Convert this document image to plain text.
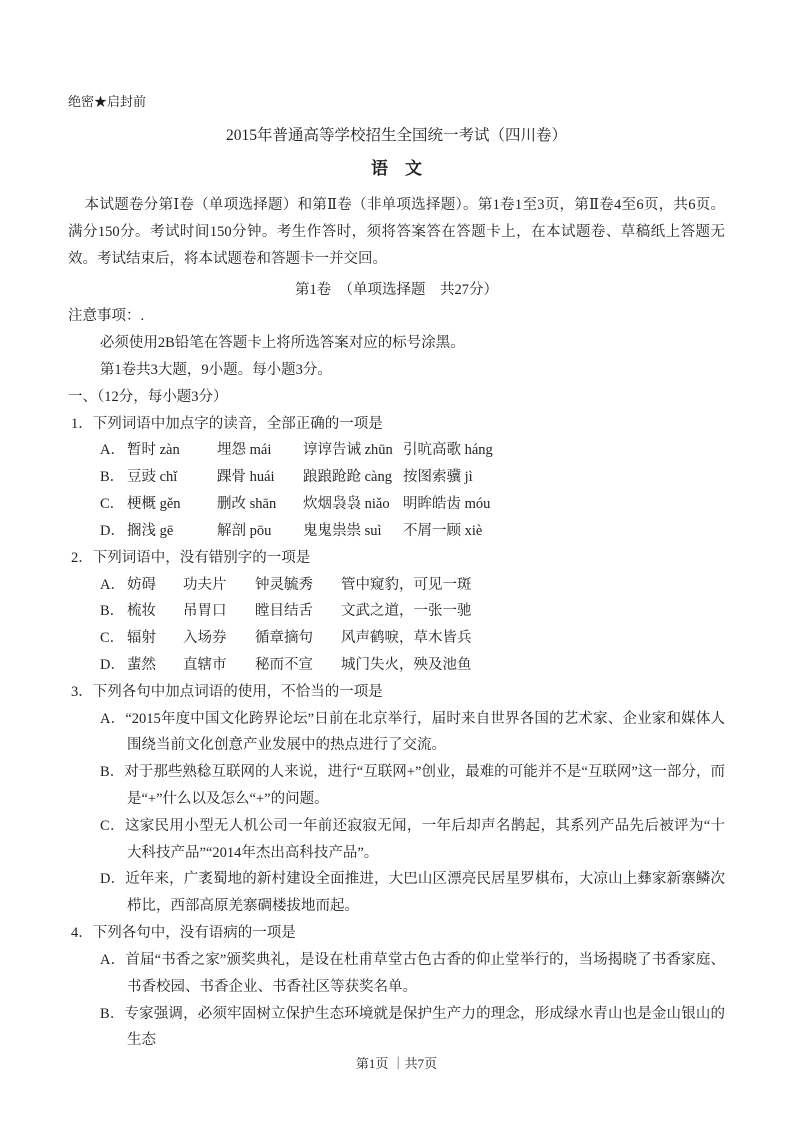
绝密★启封前
2015年普通高等学校招生全国统一考试（四川卷）
语　文

本试题卷分第Ⅰ卷（单项选择题）和第Ⅱ卷（非单项选择题）。第1卷1至3页，第Ⅱ卷4至6页，共6页。满分150分。考试时间150分钟。考生作答时，须将答案答在答题卡上，在本试题卷、草稿纸上答题无效。考试结束后，将本试题卷和答题卡一并交回。

第1卷　（单项选择题　共27分）

注意事项：.

必须使用2B铅笔在答题卡上将所选答案对应的标号涂黑。

第1卷共3大题，9小题。每小题3分。

一、（12分，每小题3分）

1．下列词语中加点字的读音，全部正确的一项是

A． 暂时 zàn	埋怨 mái	谆谆告诫 zhūn 引吭高歌 háng
B． 豆豉 chǐ	踝骨 huái	踉踉跄跄 càng 按图索骥 jì
C． 梗概 gěn	删改 shān	炊烟袅袅 niǎo 明眸皓齿 móu
D． 搁浅 gē	解剖 pōu	鬼鬼祟祟 suì	不屑一顾 xiè

2．下列词语中，没有错别字的一项是

A． 妨碍	功夫片	钟灵毓秀	管中窥豹，可见一斑
B． 梳妆	吊胃口	瞠目结舌	文武之道，一张一驰
C． 辐射	入场券	循章摘句	风声鹤唳，草木皆兵
D． 蜚然	直辖市	秘而不宣	城门失火，殃及池鱼

3．下列各句中加点词语的使用，不恰当的一项是

A．“2015年度中国文化跨界论坛”日前在北京举行，届时来自世界各国的艺术家、企业家和媒体人围绕当前文化创意产业发展中的热点进行了交流。

B．对于那些熟稔互联网的人来说，进行“互联网+”创业，最难的可能并不是“互联网”这一部分，而是“+”什么以及怎么“+”的问题。

C．这家民用小型无人机公司一年前还寂寂无闻，一年后却声名鹊起，其系列产品先后被评为“十大科技产品”“2014年杰出高科技产品”。

D．近年来，广袤蜀地的新村建设全面推进，大巴山区漂亮民居星罗棋布，大凉山上彝家新寨鳞次栉比，西部高原羌寨碉楼拔地而起。

4．下列各句中，没有语病的一项是

A．首届“书香之家”颁奖典礼，是设在杜甫草堂古色古香的仰止堂举行的，当场揭晓了书香家庭、书香校园、书香企业、书香社区等获奖名单。

B．专家强调，必须牢固树立保护生态环境就是保护生产力的理念，形成绿水青山也是金山银山的生态

第1页 ｜共7页
